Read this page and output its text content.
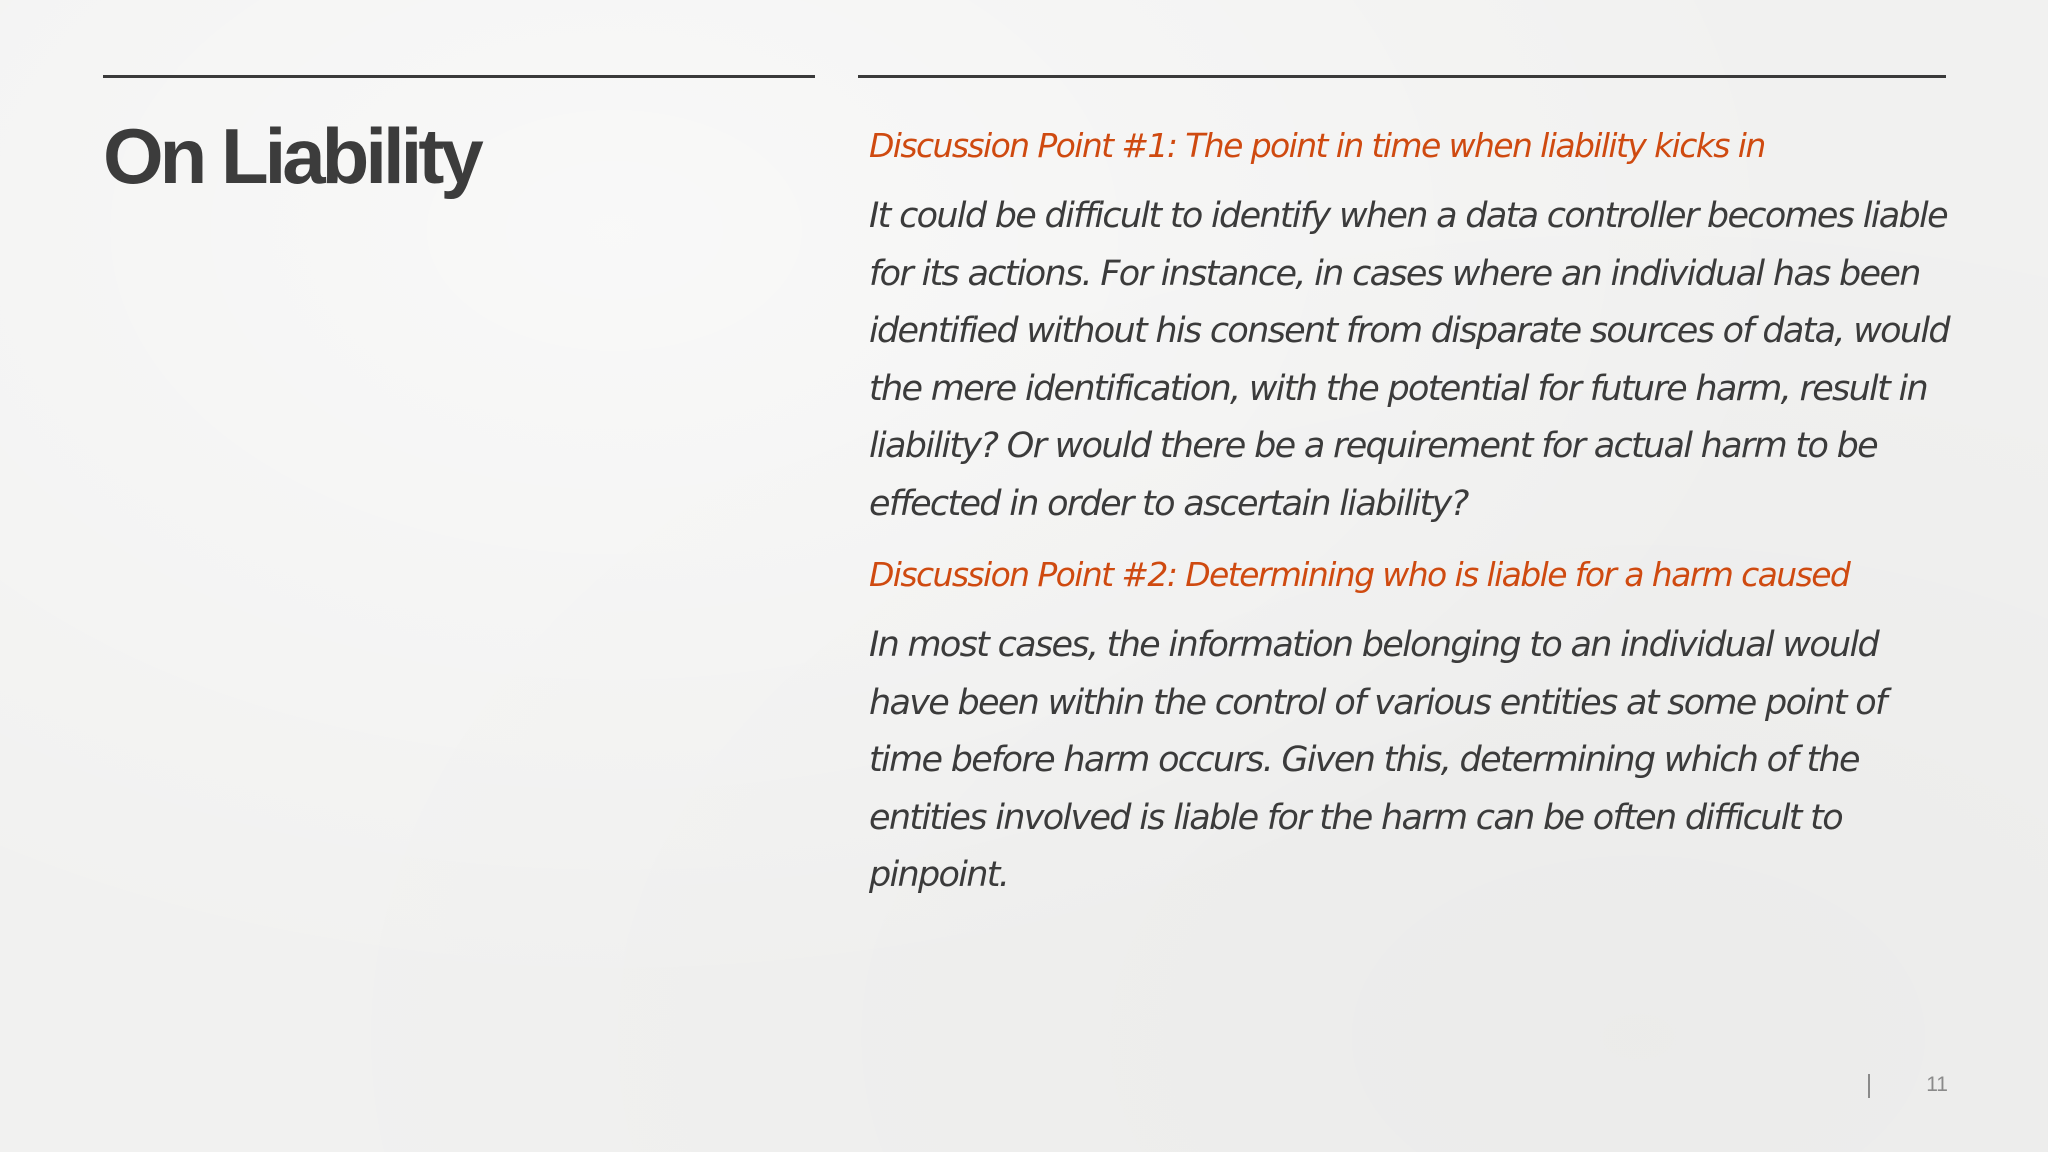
On Liability	Discussion Point #1: The point in time when liability kicks in

It could be difficult to identify when a data controller becomes liable
for its actions. For instance, in cases where an individual has been
identified without his consent from disparate sources of data, would
the mere identification, with the potential for future harm, result in
liability? Or would there be a requirement for actual harm to be
effected in order to ascertain liability?

Discussion Point #2: Determining who is liable for a harm caused

In most cases, the information belonging to an individual would
have been within the control of various entities at some point of
time before harm occurs. Given this, determining which of the
entities involved is liable for the harm can be often difficult to
pinpoint.
11
